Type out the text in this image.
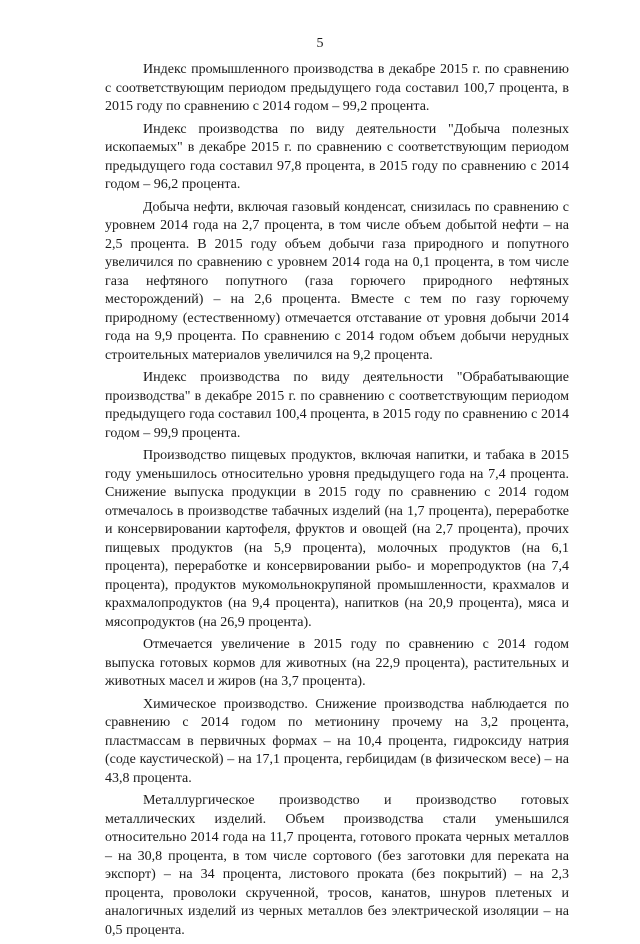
5

Индекс промышленного производства в декабре 2015 г. по сравнению с соответствующим периодом предыдущего года составил 100,7 процента, в 2015 году по сравнению с 2014 годом – 99,2 процента.

Индекс производства по виду деятельности "Добыча полезных ископаемых" в декабре 2015 г. по сравнению с соответствующим периодом предыдущего года составил 97,8 процента, в 2015 году по сравнению с 2014 годом – 96,2 процента.

Добыча нефти, включая газовый конденсат, снизилась по сравнению с уровнем 2014 года на 2,7 процента, в том числе объем добытой нефти – на 2,5 процента. В 2015 году объем добычи газа природного и попутного увеличился по сравнению с уровнем 2014 года на 0,1 процента, в том числе газа нефтяного попутного (газа горючего природного нефтяных месторождений) – на 2,6 процента. Вместе с тем по газу горючему природному (естественному) отмечается отставание от уровня добычи 2014 года на 9,9 процента. По сравнению с 2014 годом объем добычи нерудных строительных материалов увеличился на 9,2 процента.

Индекс производства по виду деятельности "Обрабатывающие производства" в декабре 2015 г. по сравнению с соответствующим периодом предыдущего года составил 100,4 процента, в 2015 году по сравнению с 2014 годом – 99,9 процента.

Производство пищевых продуктов, включая напитки, и табака в 2015 году уменьшилось относительно уровня предыдущего года на 7,4 процента. Снижение выпуска продукции в 2015 году по сравнению с 2014 годом отмечалось в производстве табачных изделий (на 1,7 процента), переработке и консервировании картофеля, фруктов и овощей (на 2,7 процента), прочих пищевых продуктов (на 5,9 процента), молочных продуктов (на 6,1 процента), переработке и консервировании рыбо- и морепродуктов (на 7,4 процента), продуктов мукомольнокрупяной промышленности, крахмалов и крахмалопродуктов (на 9,4 процента), напитков (на 20,9 процента), мяса и мясопродуктов (на 26,9 процента).

Отмечается увеличение в 2015 году по сравнению с 2014 годом выпуска готовых кормов для животных (на 22,9 процента), растительных и животных масел и жиров (на 3,7 процента).

Химическое производство. Снижение производства наблюдается по сравнению с 2014 годом по метионину прочему на 3,2 процента, пластмассам в первичных формах – на 10,4 процента, гидроксиду натрия (соде каустической) – на 17,1 процента, гербицидам (в физическом весе) – на 43,8 процента.

Металлургическое производство и производство готовых металлических изделий. Объем производства стали уменьшился относительно 2014 года на 11,7 процента, готового проката черных металлов – на 30,8 процента, в том числе сортового (без заготовки для переката на экспорт) – на 34 процента, листового проката (без покрытий) – на 2,3 процента, проволоки скрученной, тросов, канатов, шнуров плетеных и аналогичных изделий из черных металлов без электрической изоляции – на 0,5 процента.
